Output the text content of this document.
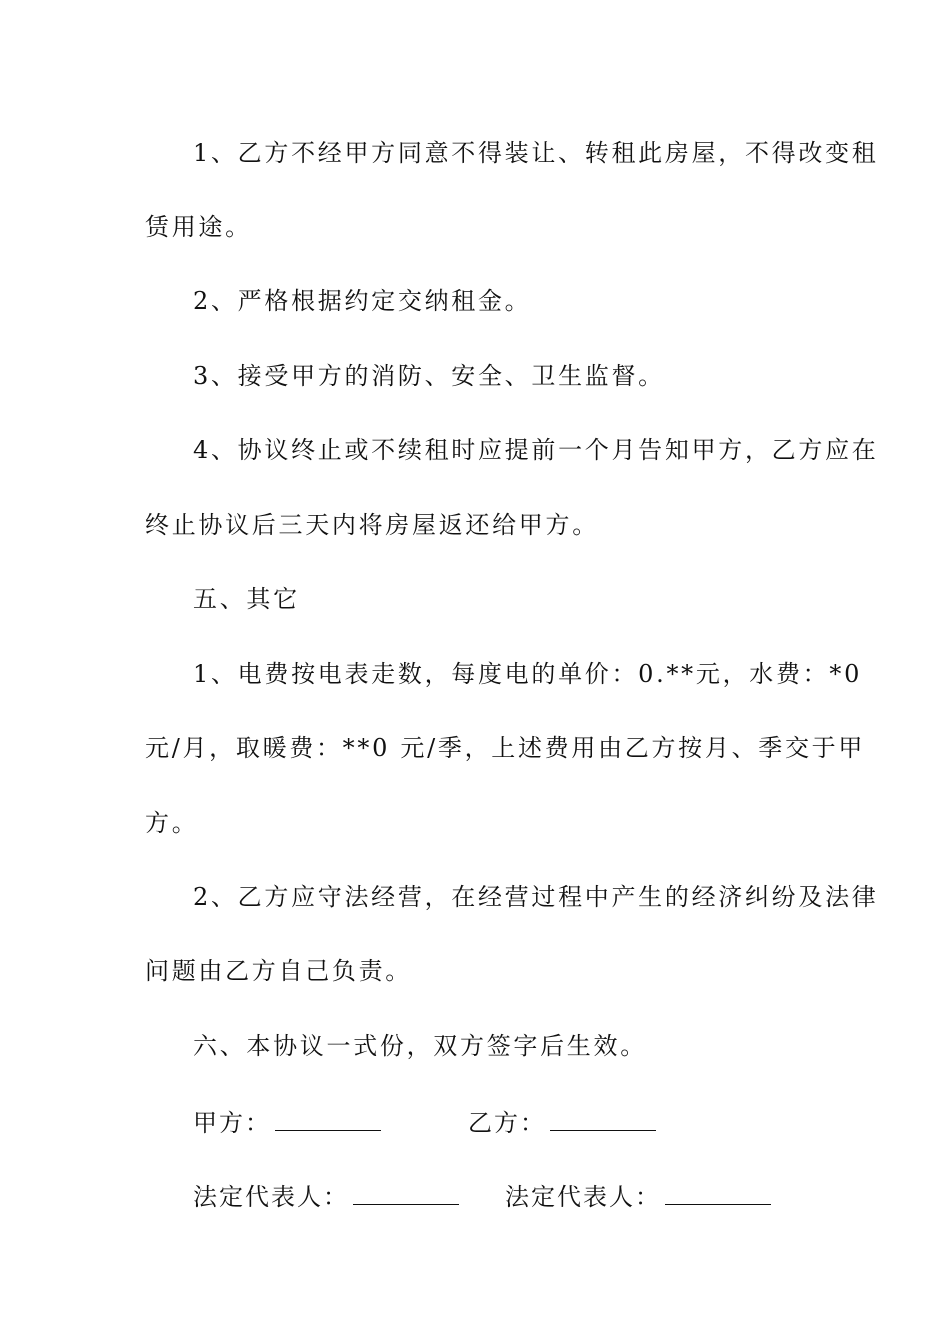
1、乙方不经甲方同意不得装让、转租此房屋，不得改变租
赁用途。
2、严格根据约定交纳租金。
3、接受甲方的消防、安全、卫生监督。
4、协议终止或不续租时应提前一个月告知甲方，乙方应在
终止协议后三天内将房屋返还给甲方。
五、其它
1、电费按电表走数，每度电的单价：0.**元，水费：*0
元/月，取暖费：**0 元/季，上述费用由乙方按月、季交于甲
方。
2、乙方应守法经营，在经营过程中产生的经济纠纷及法律
问题由乙方自己负责。
六、本协议一式份，双方签字后生效。
甲方：	乙方：
法定代表人：	法定代表人：
